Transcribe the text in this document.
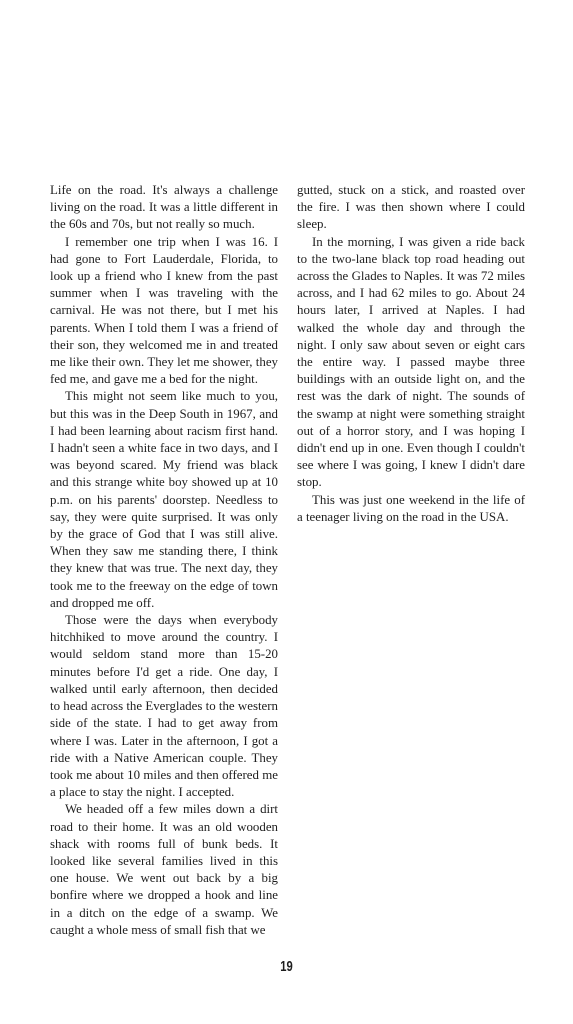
Life on the road. It's always a challenge living on the road. It was a little different in the 60s and 70s, but not really so much.

I remember one trip when I was 16. I had gone to Fort Lauderdale, Florida, to look up a friend who I knew from the past summer when I was traveling with the carnival. He was not there, but I met his parents. When I told them I was a friend of their son, they welcomed me in and treated me like their own. They let me shower, they fed me, and gave me a bed for the night.

This might not seem like much to you, but this was in the Deep South in 1967, and I had been learning about racism first hand. I hadn't seen a white face in two days, and I was beyond scared. My friend was black and this strange white boy showed up at 10 p.m. on his parents' doorstep. Needless to say, they were quite surprised. It was only by the grace of God that I was still alive. When they saw me standing there, I think they knew that was true. The next day, they took me to the freeway on the edge of town and dropped me off.

Those were the days when everybody hitchhiked to move around the country. I would seldom stand more than 15-20 minutes before I'd get a ride. One day, I walked until early afternoon, then decided to head across the Everglades to the western side of the state. I had to get away from where I was. Later in the afternoon, I got a ride with a Native American couple. They took me about 10 miles and then offered me a place to stay the night. I accepted.

We headed off a few miles down a dirt road to their home. It was an old wooden shack with rooms full of bunk beds. It looked like several families lived in this one house. We went out back by a big bonfire where we dropped a hook and line in a ditch on the edge of a swamp. We caught a whole mess of small fish that we

gutted, stuck on a stick, and roasted over the fire. I was then shown where I could sleep.

In the morning, I was given a ride back to the two-lane black top road heading out across the Glades to Naples. It was 72 miles across, and I had 62 miles to go. About 24 hours later, I arrived at Naples. I had walked the whole day and through the night. I only saw about seven or eight cars the entire way. I passed maybe three buildings with an outside light on, and the rest was the dark of night. The sounds of the swamp at night were something straight out of a horror story, and I was hoping I didn't end up in one. Even though I couldn't see where I was going, I knew I didn't dare stop.

This was just one weekend in the life of a teenager living on the road in the USA.

19
